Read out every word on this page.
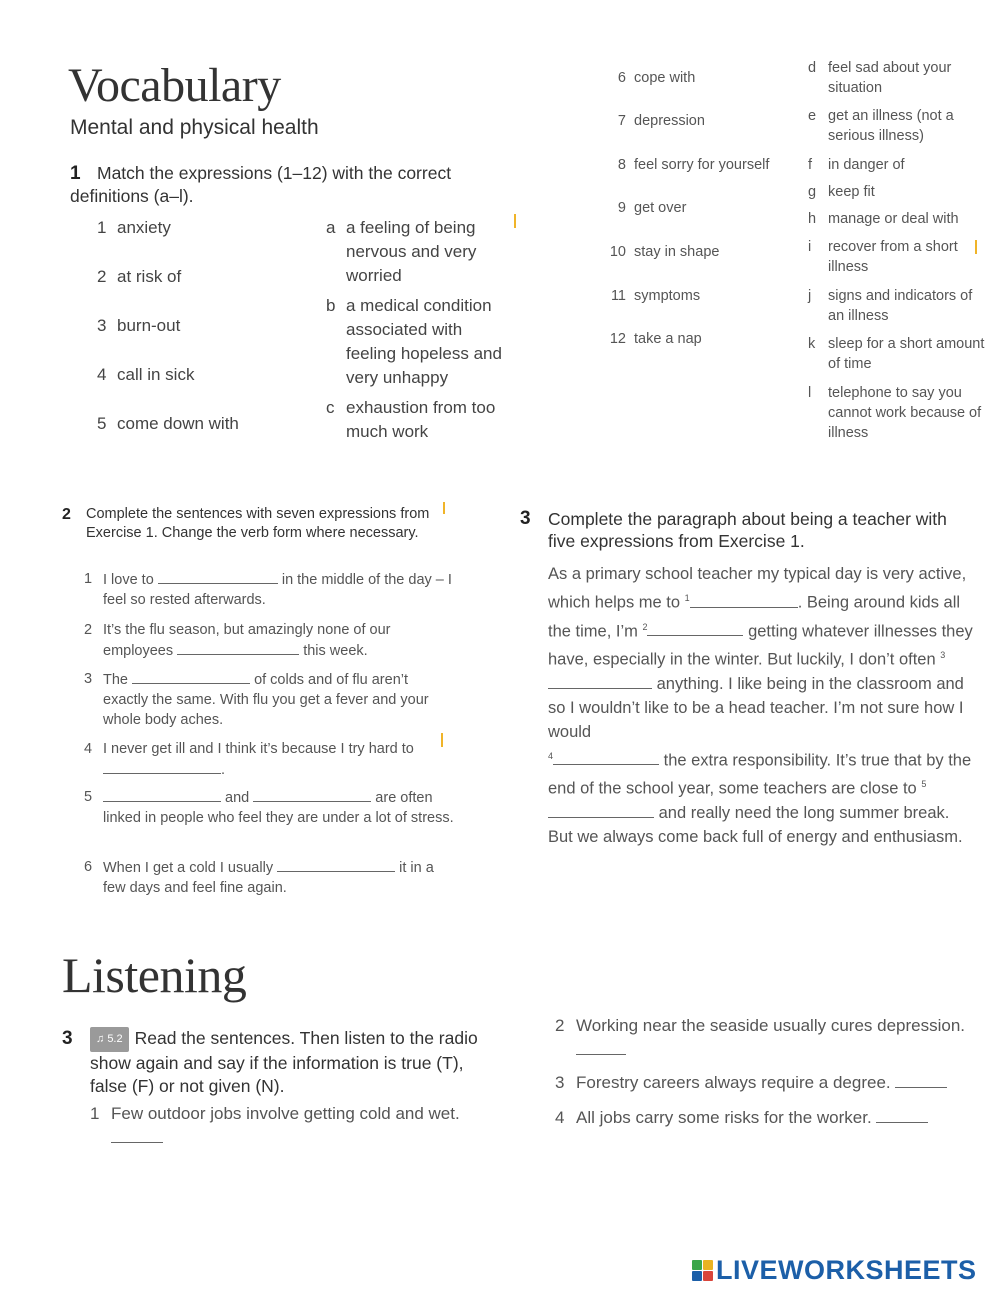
Vocabulary
Mental and physical health
1 Match the expressions (1–12) with the correct definitions (a–l).
1 anxiety
2 at risk of
3 burn-out
4 call in sick
5 come down with
a a feeling of being nervous and very worried
b a medical condition associated with feeling hopeless and very unhappy
c exhaustion from too much work
6 cope with
7 depression
8 feel sorry for yourself
9 get over
10 stay in shape
11 symptoms
12 take a nap
d feel sad about your situation
e get an illness (not a serious illness)
f	in danger of
g keep fit
h manage or deal with
i	recover from a short illness
j	signs and indicators of an illness
k sleep for a short amount of time
l	telephone to say you cannot work because of illness
2	Complete the sentences with seven expressions from Exercise 1. Change the verb form where necessary.
1 I love to	in the middle of the day – I feel so rested afterwards.
2 It’s the flu season, but amazingly none of our employees	this week.
3 The	of colds and of flu aren’t exactly the same. With flu you get a fever and your whole body aches.
4 I never get ill and I think it’s because I try hard to
.
5	and	are often linked in people who feel they are under a lot of stress.
6 When I get a cold I usually	it in a few days and feel fine again.
3 Complete the paragraph about being a teacher with five expressions from Exercise 1.
As a primary school teacher my typical day is very active, which helps me to $^1$	. Being around kids all the time, I’m $^2$	getting whatever illnesses they have, especially in the winter. But luckily, I don’t often $^3$ anything. I like being in the classroom and so I wouldn’t like to be a head teacher. I’m not sure how I would
$^4$	the extra responsibility. It’s true that by the end of the school year, some teachers are close to $^5$ and really need the long summer break. But we always come back full of energy and enthusiasm.
Listening
3	♫ 5.2 Read the sentences. Then listen to the radio show again and say if the information is true (T), false (F) or not given (N).
1 Few outdoor jobs involve getting cold and wet.

2 Working near the seaside usually cures depression.

3 Forestry careers always require a degree.
4 All jobs carry some risks for the worker.
LIVEWORKSHEETS
